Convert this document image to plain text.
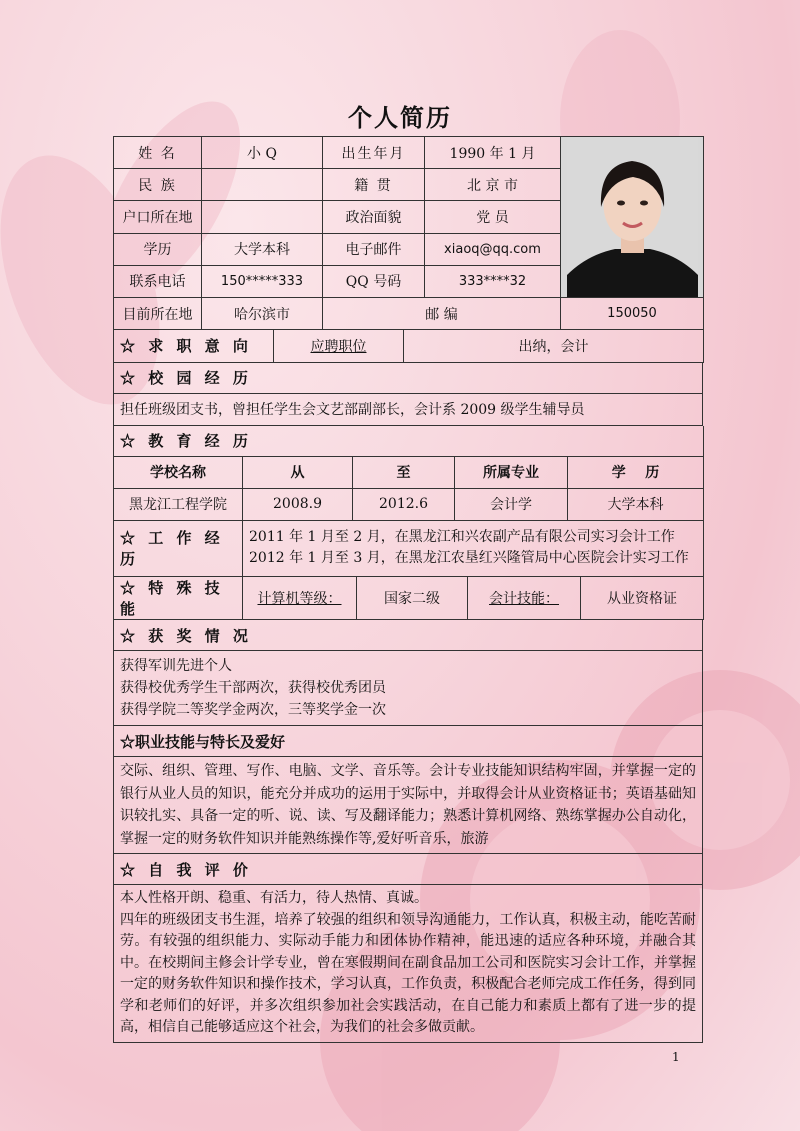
个人简历
姓 名	小 Q	出生年月	1990 年 1 月	

民 族		籍 贯	北 京 市	
户口所在地		政治面貌	党 员	
学历	大学本科	电子邮件	xiaoq@qq.com	
联系电话	150*****333	QQ 号码	333****32	
目前所在地	哈尔滨市	邮 编		150050
☆ 求 职 意 向	应聘职位	出纳，会计
☆ 校 园 经 历
担任班级团支书，曾担任学生会文艺部副部长，会计系 2009 级学生辅导员
☆ 教 育 经 历				
学校名称	从	至	所属专业	学    历
黑龙江工程学院	2008.9	2012.6	会计学	大学本科
☆ 工 作 经 历	
2011 年 1 月至 2 月，在黑龙江和兴农副产品有限公司实习会计工作
2012 年 1 月至 3 月，在黑龙江农垦红兴隆管局中心医院会计实习工作
☆ 特 殊 技 能	计算机等级：	国家二级	会计技能：	从业资格证
☆ 获 奖 情 况

获得军训先进个人
获得校优秀学生干部两次，获得校优秀团员
获得学院二等奖学金两次，三等奖学金一次
☆职业技能与特长及爱好
交际、组织、管理、写作、电脑、文学、音乐等。会计专业技能知识结构牢固，并掌握一定的银行从业人员的知识，能充分并成功的运用于实际中，并取得会计从业资格证书；英语基础知识较扎实、具备一定的听、说、读、写及翻译能力；熟悉计算机网络、熟练掌握办公自动化，掌握一定的财务软件知识并能熟练操作等,爱好听音乐，旅游
☆ 自 我 评 价

本人性格开朗、稳重、有活力，待人热情、真诚。
四年的班级团支书生涯，培养了较强的组织和领导沟通能力，工作认真，积极主动，能吃苦耐劳。有较强的组织能力、实际动手能力和团体协作精神，能迅速的适应各种环境，并融合其中。在校期间主修会计学专业，曾在寒假期间在副食品加工公司和医院实习会计工作，并掌握一定的财务软件知识和操作技术，学习认真，工作负责，积极配合老师完成工作任务，得到同学和老师们的好评，并多次组织参加社会实践活动，在自己能力和素质上都有了进一步的提高，相信自己能够适应这个社会，为我们的社会多做贡献。
1
